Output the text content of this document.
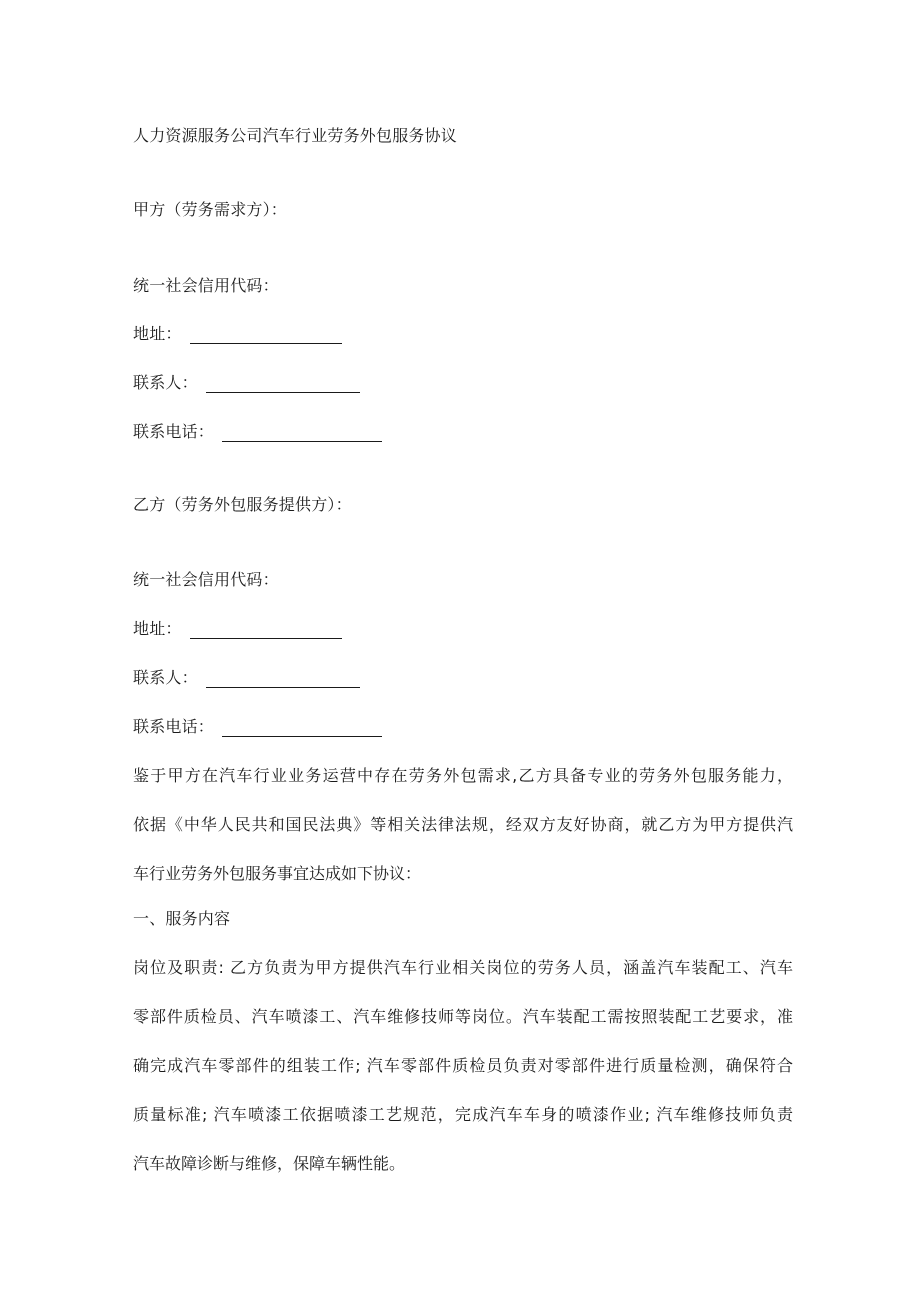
人力资源服务公司汽车行业劳务外包服务协议
甲方（劳务需求方）：
统一社会信用代码：
地址：
联系人：
联系电话：
乙方（劳务外包服务提供方）：
统一社会信用代码：
地址：
联系人：
联系电话：
鉴于甲方在汽车行业业务运营中存在劳务外包需求,乙方具备专业的劳务外包服务能力，
依据《中华人民共和国民法典》等相关法律法规，经双方友好协商，就乙方为甲方提供汽
车行业劳务外包服务事宜达成如下协议：
一、服务内容
岗位及职责: 乙方负责为甲方提供汽车行业相关岗位的劳务人员，涵盖汽车装配工、汽车
零部件质检员、汽车喷漆工、汽车维修技师等岗位。汽车装配工需按照装配工艺要求，准
确完成汽车零部件的组装工作; 汽车零部件质检员负责对零部件进行质量检测，确保符合
质量标准; 汽车喷漆工依据喷漆工艺规范，完成汽车车身的喷漆作业; 汽车维修技师负责
汽车故障诊断与维修，保障车辆性能。
